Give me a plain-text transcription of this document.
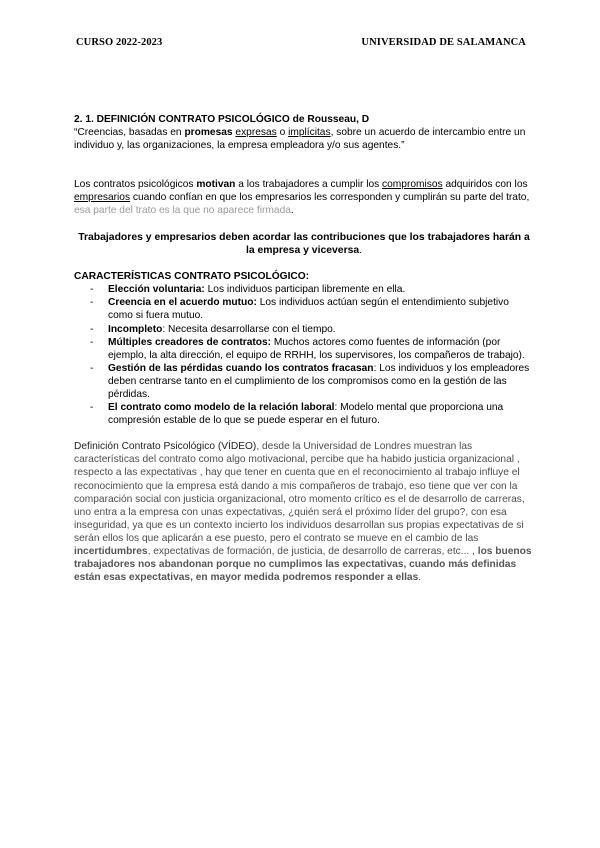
CURSO 2022-2023	UNIVERSIDAD DE SALAMANCA

2. 1. DEFINICIÓN CONTRATO PSICOLÓGICO de Rousseau, D

“Creencias, basadas en promesas expresas o implícitas, sobre un acuerdo de intercambio entre un individuo y, las organizaciones, la empresa empleadora y/o sus agentes.”

Los contratos psicológicos motivan a los trabajadores a cumplir los compromisos adquiridos con los empresarios cuando confían en que los empresarios les corresponden y cumplirán su parte del trato, esa parte del trato es la que no aparece firmada.

Trabajadores y empresarios deben acordar las contribuciones que los trabajadores harán a la empresa y viceversa.

CARACTERÍSTICAS CONTRATO PSICOLÓGICO:

- Elección voluntaria: Los individuos participan libremente en ella.
- Creencia en el acuerdo mutuo: Los individuos actúan según el entendimiento subjetivo como si fuera mutuo.
- Incompleto: Necesita desarrollarse con el tiempo.
- Múltiples creadores de contratos: Muchos actores como fuentes de información (por ejemplo, la alta dirección, el equipo de RRHH, los supervisores, los compañeros de trabajo).
- Gestión de las pérdidas cuando los contratos fracasan: Los individuos y los empleadores deben centrarse tanto en el cumplimiento de los compromisos como en la gestión de las pérdidas.
- El contrato como modelo de la relación laboral: Modelo mental que proporciona una compresión estable de lo que se puede esperar en el futuro.

Definición Contrato Psicológico (VÍDEO), desde la Universidad de Londres muestran las características del contrato como algo motivacional, percibe que ha habido justicia organizacional , respecto a las expectativas , hay que tener en cuenta que en el reconocimiento al trabajo influye el reconocimiento que la empresa está dando a mis compañeros de trabajo, eso tiene que ver con la comparación social con justicia organizacional, otro momento crítico es el de desarrollo de carreras, uno entra a la empresa con unas expectativas, ¿quién será el próximo líder del grupo?, con esa inseguridad, ya que es un contexto incierto los individuos desarrollan sus propias expectativas de si serán ellos los que aplicarán a ese puesto, pero el contrato se mueve en el cambio de las incertidumbres, expectativas de formación, de justicia, de desarrollo de carreras, etc... , los buenos trabajadores nos abandonan porque no cumplimos las expectativas, cuando más definidas están esas expectativas, en mayor medida podremos responder a ellas.
